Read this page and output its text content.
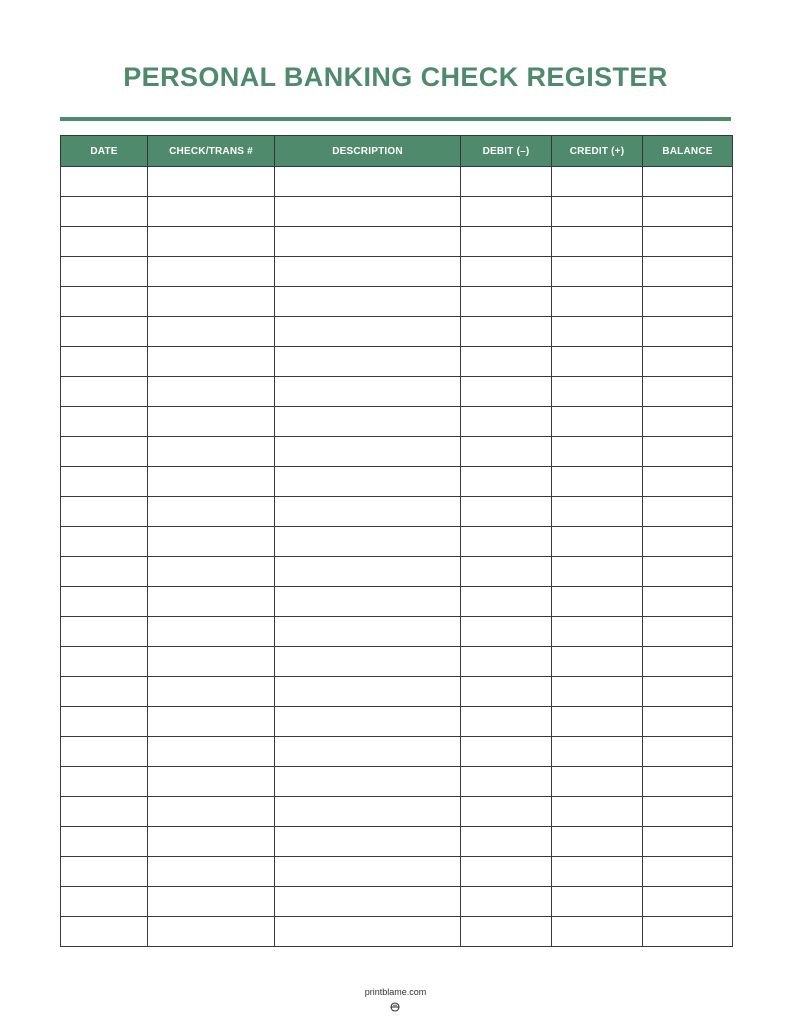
PERSONAL BANKING CHECK REGISTER
DATE	CHECK/TRANS #	DESCRIPTION	DEBIT (–)	CREDIT (+)	BALANCE

printblame.com
